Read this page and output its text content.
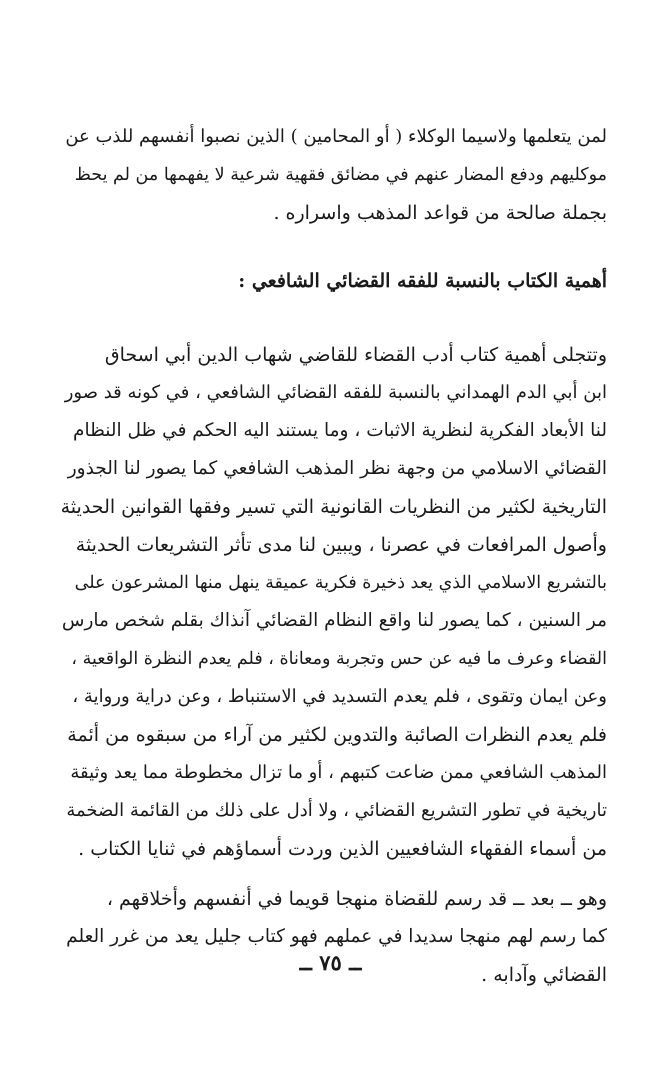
لمن يتعلمها ولاسيما الوكلاء ( أو المحامين ) الذين نصبوا أنفسهم للذب عن
موكليهم ودفع المضار عنهم في مضائق فقهية شرعية لا يفهمها من لم يحظ
بجملة صالحة من قواعد المذهب واسراره .

أهمية الكتاب بالنسبة للفقه القضائي الشافعي :

وتتجلى أهمية كتاب أدب القضاء للقاضي شهاب الدين أبي اسحاق
ابن أبي الدم الهمداني بالنسبة للفقه القضائي الشافعي ، في كونه قد صور
لنا الأبعاد الفكرية لنظرية الاثبات ، وما يستند اليه الحكم في ظل النظام
القضائي الاسلامي من وجهة نظر المذهب الشافعي كما يصور لنا الجذور
التاريخية لكثير من النظريات القانونية التي تسير وفقها القوانين الحديثة
وأصول المرافعات في عصرنا ، ويبين لنا مدى تأثر التشريعات الحديثة
بالتشريع الاسلامي الذي يعد ذخيرة فكرية عميقة ينهل منها المشرعون على
مر السنين ، كما يصور لنا واقع النظام القضائي آنذاك بقلم شخص مارس
القضاء وعرف ما فيه عن حس وتجربة ومعاناة ، فلم يعدم النظرة الواقعية ،
وعن ايمان وتقوى ، فلم يعدم التسديد في الاستنباط ، وعن دراية ورواية ،
فلم يعدم النظرات الصائبة والتدوين لكثير من آراء من سبقوه من أئمة
المذهب الشافعي ممن ضاعت كتبهم ، أو ما تزال مخطوطة مما يعد وثيقة
تاريخية في تطور التشريع القضائي ، ولا أدل على ذلك من القائمة الضخمة
من أسماء الفقهاء الشافعيين الذين وردت أسماؤهم في ثنايا الكتاب .

وهو ــ بعد ــ قد رسم للقضاة منهجا قويما في أنفسهم وأخلاقهم ،
كما رسم لهم منهجا سديدا في عملهم فهو كتاب جليل يعد من غرر العلم
القضائي وآدابه .

ــ ٧٥ ــ
